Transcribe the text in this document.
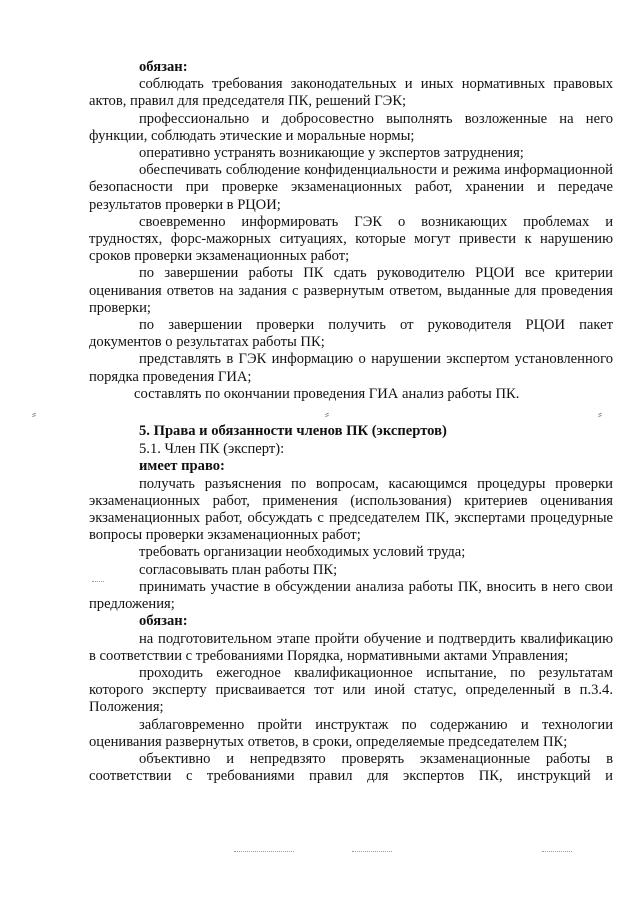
⸗	⸗
⸗

обязан:

соблюдать требования законодательных и иных нормативных правовых актов, правил для председателя ПК, решений ГЭК;

профессионально и добросовестно выполнять возложенные на него функции, соблюдать этические и моральные нормы;

оперативно устранять возникающие у экспертов затруднения;

обеспечивать соблюдение конфиденциальности и режима информационной безопасности при проверке экзаменационных работ, хранении и передаче результатов проверки в РЦОИ;

своевременно информировать ГЭК о возникающих проблемах и трудностях, форс-мажорных ситуациях, которые могут привести к нарушению сроков проверки экзаменационных работ;

по завершении работы ПК сдать руководителю РЦОИ все критерии оценивания ответов на задания с развернутым ответом, выданные для проведения проверки;

по завершении проверки получить от руководителя РЦОИ пакет документов о результатах работы ПК;

представлять в ГЭК информацию о нарушении экспертом установленного порядка проведения ГИА;

составлять по окончании проведения ГИА анализ работы ПК.

5. Права и обязанности членов ПК (экспертов)

5.1. Член ПК (эксперт):

имеет право:

получать разъяснения по вопросам, касающимся процедуры проверки экзаменационных работ, применения (использования) критериев оценивания экзаменационных работ, обсуждать с председателем ПК, экспертами процедурные вопросы проверки экзаменационных работ;

требовать организации необходимых условий труда;

согласовывать план работы ПК;

принимать участие в обсуждении анализа работы ПК, вносить в него свои предложения;

обязан:

на подготовительном этапе пройти обучение и подтвердить квалификацию в соответствии с требованиями Порядка, нормативными актами Управления;

проходить ежегодное квалификационное испытание, по результатам которого эксперту присваивается тот или иной статус, определенный в п.3.4. Положения;

заблаговременно пройти инструктаж по содержанию и технологии оценивания развернутых ответов, в сроки, определяемые председателем ПК;

объективно и непредвзято проверять экзаменационные работы в соответствии с требованиями правил для экспертов ПК, инструкций и
